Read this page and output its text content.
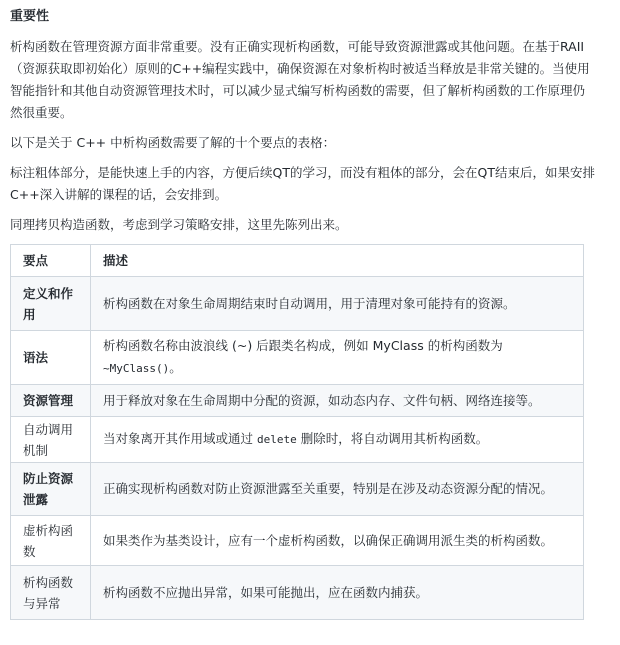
重要性

析构函数在管理资源方面非常重要。没有正确实现析构函数，可能导致资源泄露或其他问题。在基于RAII（资源获取即初始化）原则的C++编程实践中，确保资源在对象析构时被适当释放是非常关键的。当使用智能指针和其他自动资源管理技术时，可以减少显式编写析构函数的需要，但了解析构函数的工作原理仍然很重要。

以下是关于 C++ 中析构函数需要了解的十个要点的表格：

标注粗体部分，是能快速上手的内容，方便后续QT的学习，而没有粗体的部分，会在QT结束后，如果安排C++深入讲解的课程的话，会安排到。

同理拷贝构造函数，考虑到学习策略安排，这里先陈列出来。

要点	描述
定义和作用	析构函数在对象生命周期结束时自动调用，用于清理对象可能持有的资源。
语法	析构函数名称由波浪线 (~) 后跟类名构成，例如 MyClass 的析构函数为
~MyClass()。
资源管理	用于释放对象在生命周期中分配的资源，如动态内存、文件句柄、网络连接等。
自动调用机制	当对象离开其作用域或通过 delete 删除时，将自动调用其析构函数。
防止资源泄露	正确实现析构函数对防止资源泄露至关重要，特别是在涉及动态资源分配的情况。
虚析构函数	如果类作为基类设计，应有一个虚析构函数，以确保正确调用派生类的析构函数。
析构函数与异常	析构函数不应抛出异常，如果可能抛出，应在函数内捕获。
